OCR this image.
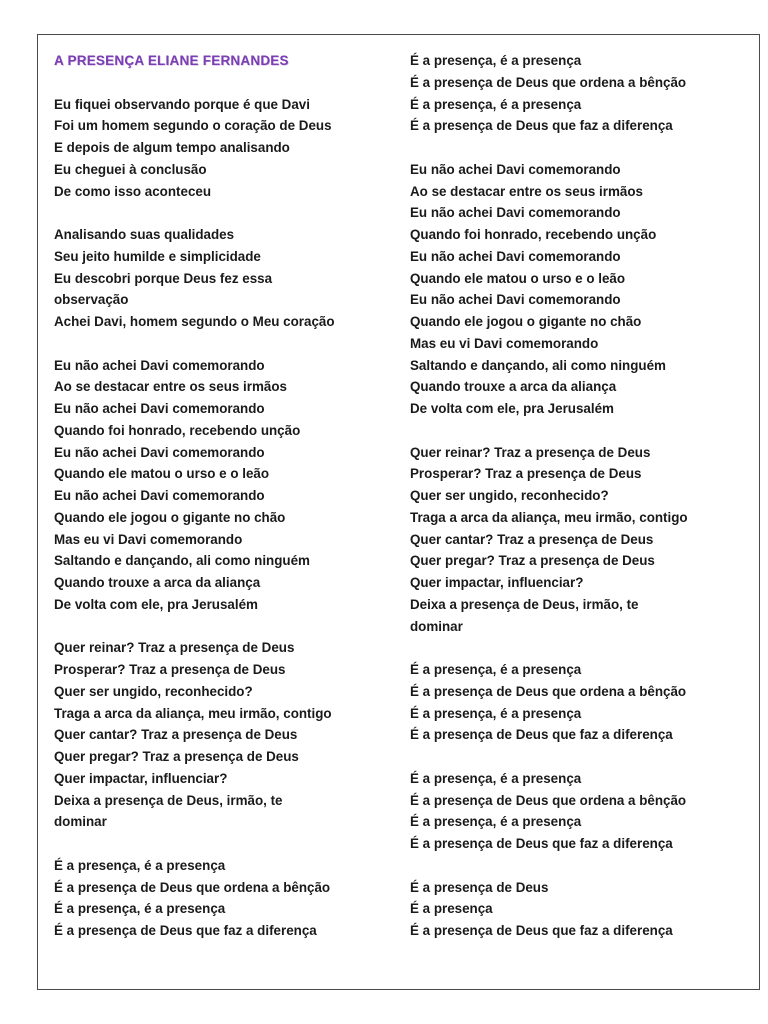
A PRESENÇA ELIANE FERNANDES
Eu fiquei observando porque é que Davi
Foi um homem segundo o coração de Deus
E depois de algum tempo analisando
Eu cheguei à conclusão
De como isso aconteceu
Analisando suas qualidades
Seu jeito humilde e simplicidade
Eu descobri porque Deus fez essa
observação
Achei Davi, homem segundo o Meu coração
Eu não achei Davi comemorando
Ao se destacar entre os seus irmãos
Eu não achei Davi comemorando
Quando foi honrado, recebendo unção
Eu não achei Davi comemorando
Quando ele matou o urso e o leão
Eu não achei Davi comemorando
Quando ele jogou o gigante no chão
Mas eu vi Davi comemorando
Saltando e dançando, ali como ninguém
Quando trouxe a arca da aliança
De volta com ele, pra Jerusalém
Quer reinar? Traz a presença de Deus
Prosperar? Traz a presença de Deus
Quer ser ungido, reconhecido?
Traga a arca da aliança, meu irmão, contigo
Quer cantar? Traz a presença de Deus
Quer pregar? Traz a presença de Deus
Quer impactar, influenciar?
Deixa a presença de Deus, irmão, te
dominar
É a presença, é a presença
É a presença de Deus que ordena a bênção
É a presença, é a presença
É a presença de Deus que faz a diferença
É a presença, é a presença
É a presença de Deus que ordena a bênção
É a presença, é a presença
É a presença de Deus que faz a diferença
Eu não achei Davi comemorando
Ao se destacar entre os seus irmãos
Eu não achei Davi comemorando
Quando foi honrado, recebendo unção
Eu não achei Davi comemorando
Quando ele matou o urso e o leão
Eu não achei Davi comemorando
Quando ele jogou o gigante no chão
Mas eu vi Davi comemorando
Saltando e dançando, ali como ninguém
Quando trouxe a arca da aliança
De volta com ele, pra Jerusalém
Quer reinar? Traz a presença de Deus
Prosperar? Traz a presença de Deus
Quer ser ungido, reconhecido?
Traga a arca da aliança, meu irmão, contigo
Quer cantar? Traz a presença de Deus
Quer pregar? Traz a presença de Deus
Quer impactar, influenciar?
Deixa a presença de Deus, irmão, te
dominar
É a presença, é a presença
É a presença de Deus que ordena a bênção
É a presença, é a presença
É a presença de Deus que faz a diferença
É a presença, é a presença
É a presença de Deus que ordena a bênção
É a presença, é a presença
É a presença de Deus que faz a diferença
É a presença de Deus
É a presença
É a presença de Deus que faz a diferença
